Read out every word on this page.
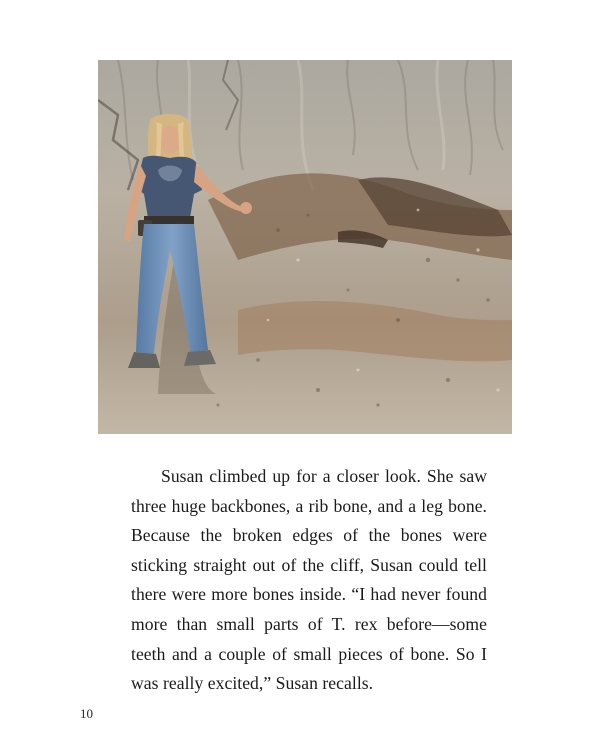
Susan climbed up for a closer look. She saw three huge backbones, a rib bone, and a leg bone. Because the broken edges of the bones were sticking straight out of the cliff, Susan could tell there were more bones inside. “I had never found more than small parts of T. rex before—some teeth and a couple of small pieces of bone. So I was really excited,” Susan recalls.

10
